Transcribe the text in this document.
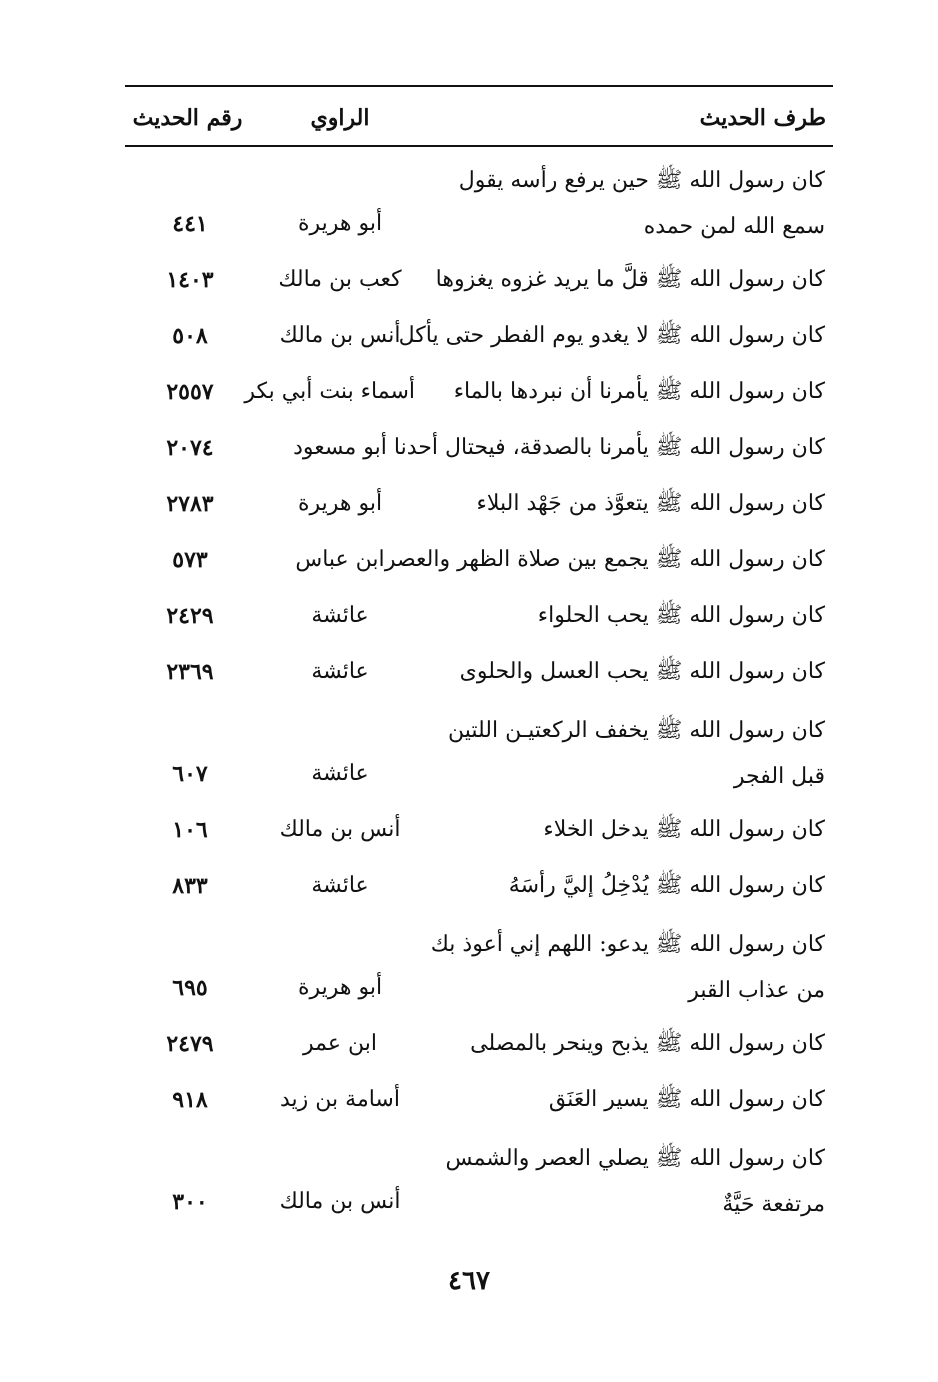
طرف الحديث
الراوي
رقم الحديث
كان رسول الله ﷺ حين يرفع رأسه يقول سمع الله لمن حمده
أبو هريرة
٤٤١
كان رسول الله ﷺ قلَّ ما يريد غزوه يغزوها
كعب بن مالك
١٤٠٣
كان رسول الله ﷺ لا يغدو يوم الفطر حتى يأكل
أنس بن مالك
٥٠٨
كان رسول الله ﷺ يأمرنا أن نبردها بالماء
أسماء بنت أبي بكر
٢٥٥٧
كان رسول الله ﷺ يأمرنا بالصدقة، فيحتال أحدنا
أبو مسعود
٢٠٧٤
كان رسول الله ﷺ يتعوَّذ من جَهْد البلاء
أبو هريرة
٢٧٨٣
كان رسول الله ﷺ يجمع بين صلاة الظهر والعصر
ابن عباس
٥٧٣
كان رسول الله ﷺ يحب الحلواء
عائشة
٢٤٢٩
كان رسول الله ﷺ يحب العسل والحلوى
عائشة
٢٣٦٩
كان رسول الله ﷺ يخفف الركعتيـن اللتين قبل الفجر
عائشة
٦٠٧
كان رسول الله ﷺ يدخل الخلاء
أنس بن مالك
١٠٦
كان رسول الله ﷺ يُدْخِلُ إليَّ رأسَهُ
عائشة
٨٣٣
كان رسول الله ﷺ يدعو: اللهم إني أعوذ بك من عذاب القبر
أبو هريرة
٦٩٥
كان رسول الله ﷺ يذبح وينحر بالمصلى
ابن عمر
٢٤٧٩
كان رسول الله ﷺ يسير العَنَق
أسامة بن زيد
٩١٨
كان رسول الله ﷺ يصلي العصر والشمس مرتفعة حَيَّةٌ
أنس بن مالك
٣٠٠
٤٦٧
